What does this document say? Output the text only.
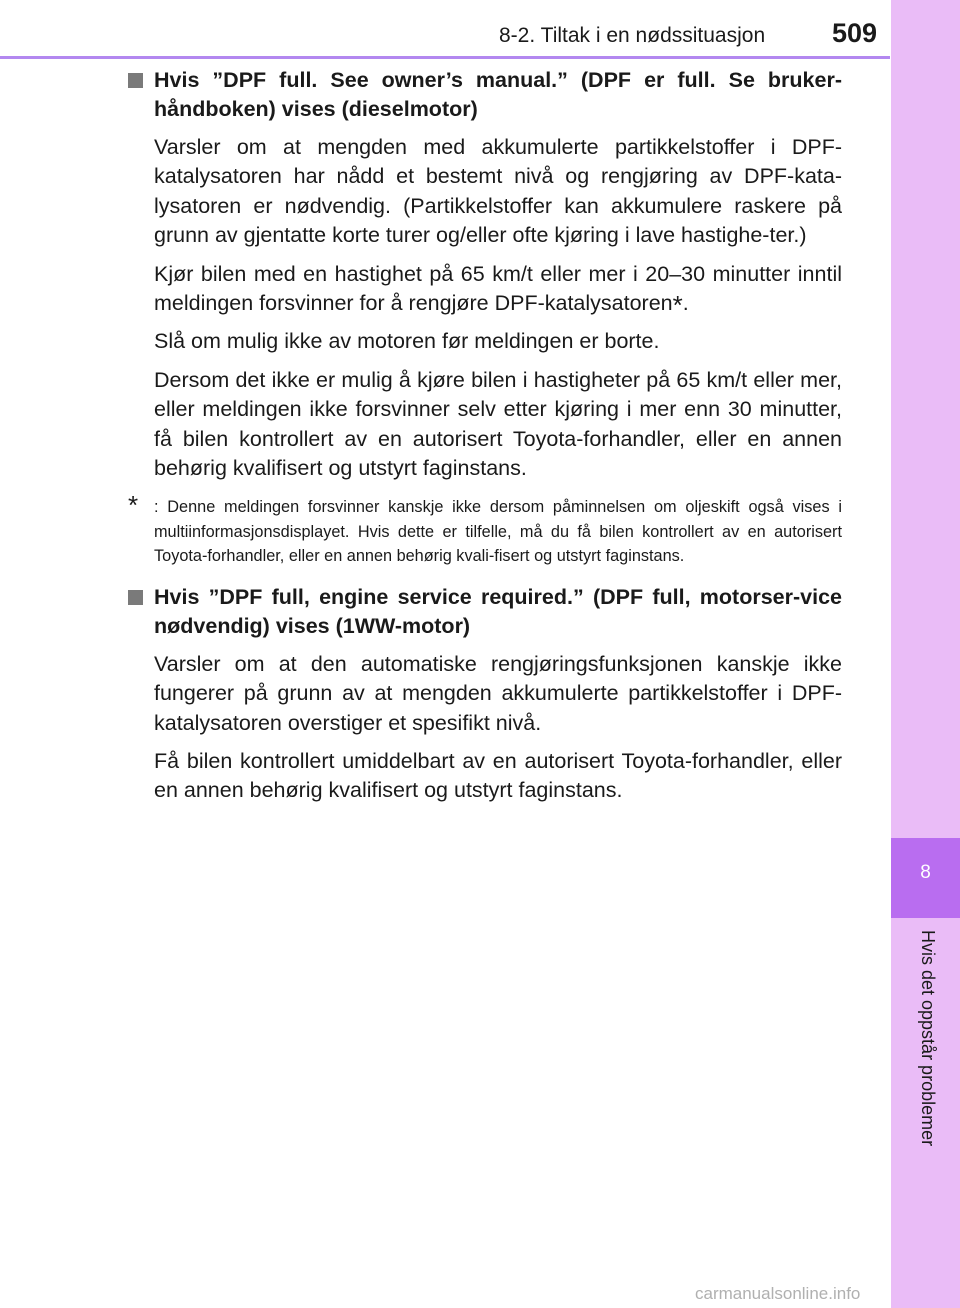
8-2. Tiltak i en nødssituasjon 509
8
Hvis det oppstår problemer
Hvis ”DPF full. See owner’s manual.” (DPF er full. Se bruker-håndboken) vises (dieselmotor)

Varsler om at mengden med akkumulerte partikkelstoffer i DPF-katalysatoren har nådd et bestemt nivå og rengjøring av DPF-kata-lysatoren er nødvendig. (Partikkelstoffer kan akkumulere raskere på grunn av gjentatte korte turer og/eller ofte kjøring i lave hastighe-ter.)

Kjør bilen med en hastighet på 65 km/t eller mer i 20–30 minutter inntil meldingen forsvinner for å rengjøre DPF-katalysatoren*.

Slå om mulig ikke av motoren før meldingen er borte.

Dersom det ikke er mulig å kjøre bilen i hastigheter på 65 km/t eller mer, eller meldingen ikke forsvinner selv etter kjøring i mer enn 30 minutter, få bilen kontrollert av en autorisert Toyota-forhandler, eller en annen behørig kvalifisert og utstyrt faginstans.

* : Denne meldingen forsvinner kanskje ikke dersom påminnelsen om oljeskift også vises i multiinformasjonsdisplayet. Hvis dette er tilfelle, må du få bilen kontrollert av en autorisert Toyota-forhandler, eller en annen behørig kvali-fisert og utstyrt faginstans.
Hvis ”DPF full, engine service required.” (DPF full, motorser-vice nødvendig) vises (1WW-motor)

Varsler om at den automatiske rengjøringsfunksjonen kanskje ikke fungerer på grunn av at mengden akkumulerte partikkelstoffer i DPF-katalysatoren overstiger et spesifikt nivå.

Få bilen kontrollert umiddelbart av en autorisert Toyota-forhandler, eller en annen behørig kvalifisert og utstyrt faginstans.

carmanualsonline.info
